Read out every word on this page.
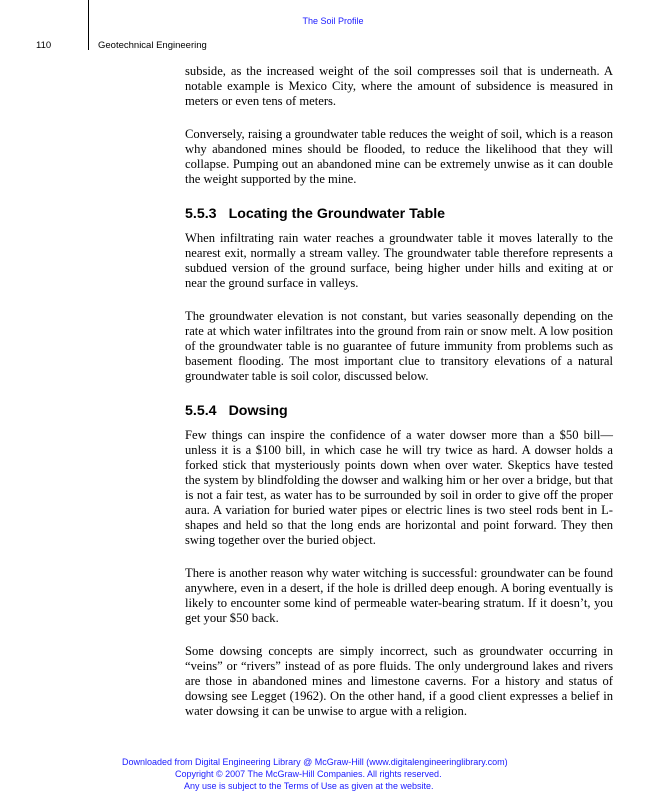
The Soil Profile
110	Geotechnical Engineering

subside, as the increased weight of the soil compresses soil that is underneath. A notable example is Mexico City, where the amount of subsidence is measured in meters or even tens of meters.

Conversely, raising a groundwater table reduces the weight of soil, which is a reason why abandoned mines should be flooded, to reduce the likelihood that they will collapse. Pumping out an abandoned mine can be extremely unwise as it can double the weight supported by the mine.

5.5.3 Locating the Groundwater Table

When infiltrating rain water reaches a groundwater table it moves laterally to the nearest exit, normally a stream valley. The groundwater table therefore represents a subdued version of the ground surface, being higher under hills and exiting at or near the ground surface in valleys.

The groundwater elevation is not constant, but varies seasonally depending on the rate at which water infiltrates into the ground from rain or snow melt. A low position of the groundwater table is no guarantee of future immunity from problems such as basement flooding. The most important clue to transitory elevations of a natural groundwater table is soil color, discussed below.

5.5.4 Dowsing

Few things can inspire the confidence of a water dowser more than a $50 bill—unless it is a $100 bill, in which case he will try twice as hard. A dowser holds a forked stick that mysteriously points down when over water. Skeptics have tested the system by blindfolding the dowser and walking him or her over a bridge, but that is not a fair test, as water has to be surrounded by soil in order to give off the proper aura. A variation for buried water pipes or electric lines is two steel rods bent in L-shapes and held so that the long ends are horizontal and point forward. They then swing together over the buried object.

There is another reason why water witching is successful: groundwater can be found anywhere, even in a desert, if the hole is drilled deep enough. A boring eventually is likely to encounter some kind of permeable water-bearing stratum. If it doesn’t, you get your $50 back.

Some dowsing concepts are simply incorrect, such as groundwater occurring in “veins” or “rivers” instead of as pore fluids. The only underground lakes and rivers are those in abandoned mines and limestone caverns. For a history and status of dowsing see Legget (1962). On the other hand, if a good client expresses a belief in water dowsing it can be unwise to argue with a religion.

Downloaded from Digital Engineering Library @ McGraw-Hill (www.digitalengineeringlibrary.com)
Copyright © 2007 The McGraw-Hill Companies. All rights reserved.
Any use is subject to the Terms of Use as given at the website.
